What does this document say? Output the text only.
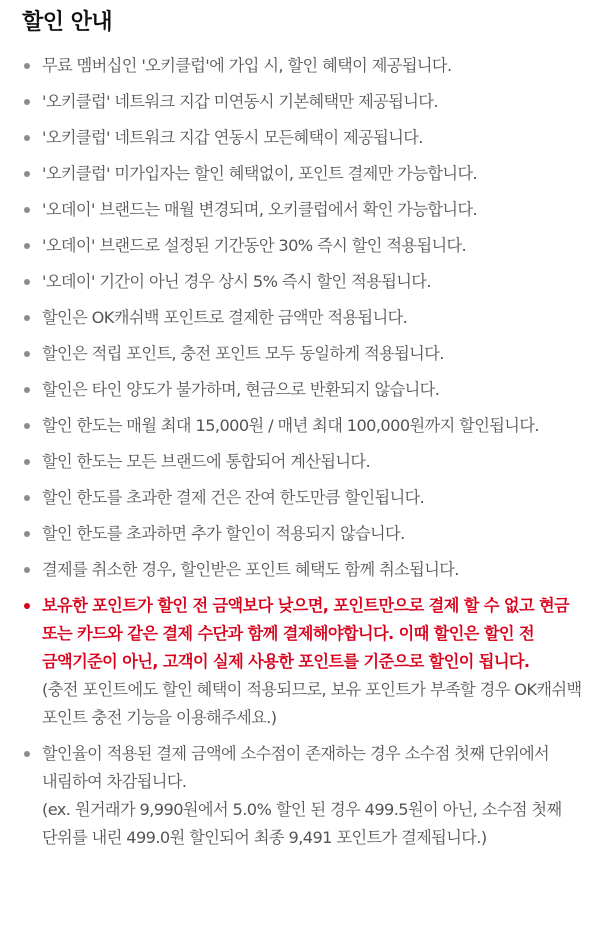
할인 안내
무료 멤버십인 '오키클럽'에 가입 시, 할인 혜택이 제공됩니다.
'오키클럽' 네트워크 지갑 미연동시 기본혜택만 제공됩니다.
'오키클럽' 네트워크 지갑 연동시 모든혜택이 제공됩니다.
'오키클럽' 미가입자는 할인 혜택없이, 포인트 결제만 가능합니다.
'오데이' 브랜드는 매월 변경되며, 오키클럽에서 확인 가능합니다.
'오데이' 브랜드로 설정된 기간동안 30% 즉시 할인 적용됩니다.
'오데이' 기간이 아닌 경우 상시 5% 즉시 할인 적용됩니다.
할인은 OK캐쉬백 포인트로 결제한 금액만 적용됩니다.
할인은 적립 포인트, 충전 포인트 모두 동일하게 적용됩니다.
할인은 타인 양도가 불가하며, 현금으로 반환되지 않습니다.
할인 한도는 매월 최대 15,000원 / 매년 최대 100,000원까지 할인됩니다.
할인 한도는 모든 브랜드에 통합되어 계산됩니다.
할인 한도를 초과한 결제 건은 잔여 한도만큼 할인됩니다.
할인 한도를 초과하면 추가 할인이 적용되지 않습니다.
결제를 취소한 경우, 할인받은 포인트 혜택도 함께 취소됩니다.
보유한 포인트가 할인 전 금액보다 낮으면, 포인트만으로 결제 할 수 없고 현금 또는 카드와 같은 결제 수단과 함께 결제해야합니다. 이때 할인은 할인 전 금액기준이 아닌, 고객이 실제 사용한 포인트를 기준으로 할인이 됩니다.
(충전 포인트에도 할인 혜택이 적용되므로, 보유 포인트가 부족할 경우 OK캐쉬백 포인트 충전 기능을 이용해주세요.)
할인율이 적용된 결제 금액에 소수점이 존재하는 경우 소수점 첫째 단위에서 내림하여 차감됩니다.
(ex. 원거래가 9,990원에서 5.0% 할인 된 경우 499.5원이 아닌, 소수점 첫째 단위를 내린 499.0원 할인되어 최종 9,491 포인트가 결제됩니다.)
